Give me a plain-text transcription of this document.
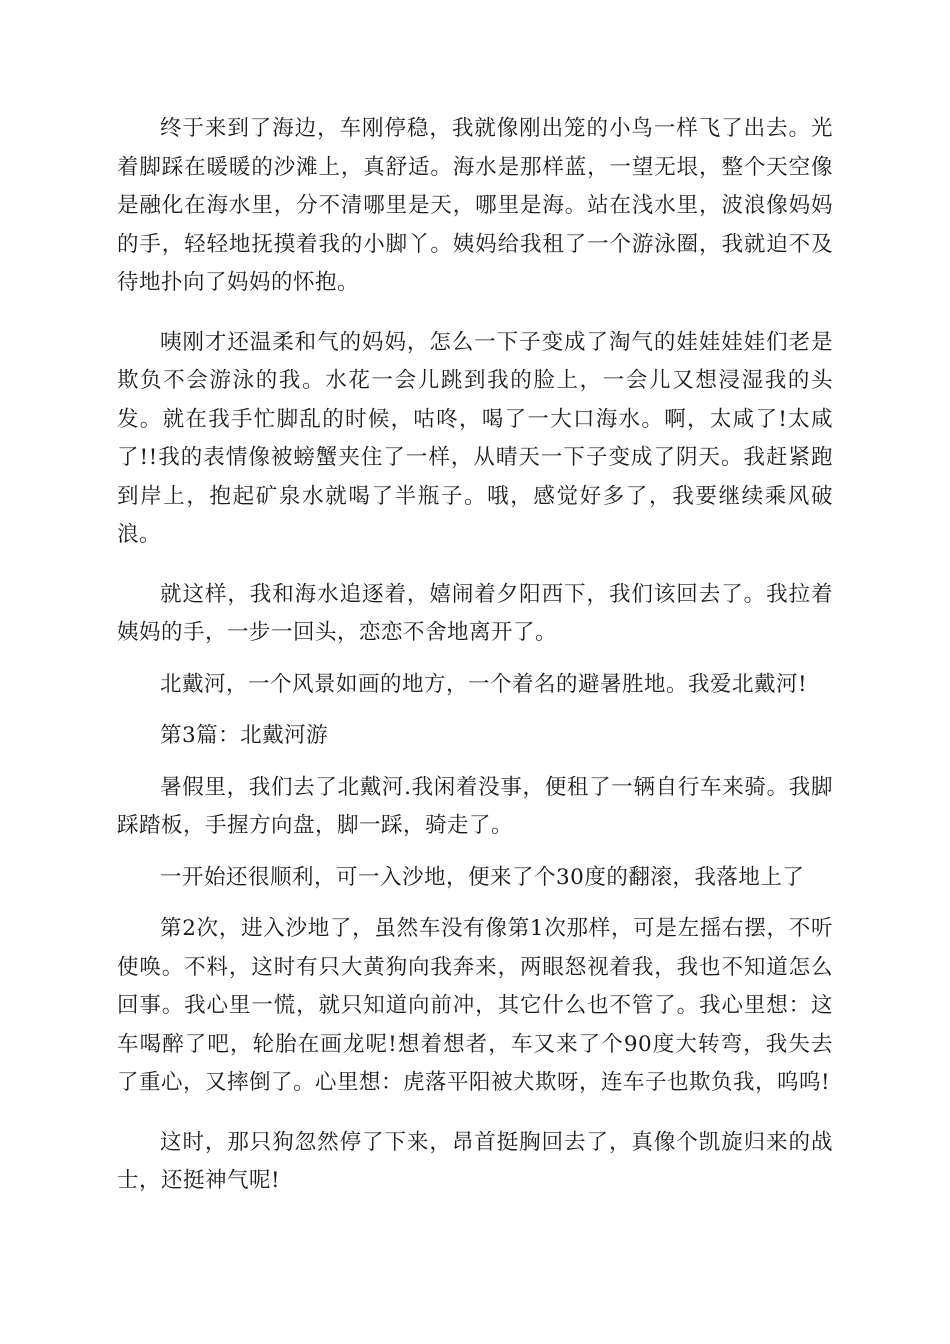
终于来到了海边，车刚停稳，我就像刚出笼的小鸟一样飞了出去。光着脚踩在暖暖的沙滩上，真舒适。海水是那样蓝，一望无垠，整个天空像是融化在海水里，分不清哪里是天，哪里是海。站在浅水里，波浪像妈妈的手，轻轻地抚摸着我的小脚丫。姨妈给我租了一个游泳圈，我就迫不及待地扑向了妈妈的怀抱。

咦刚才还温柔和气的妈妈，怎么一下子变成了淘气的娃娃娃娃们老是欺负不会游泳的我。水花一会儿跳到我的脸上，一会儿又想浸湿我的头发。就在我手忙脚乱的时候，咕咚，喝了一大口海水。啊，太咸了!太咸了!!我的表情像被螃蟹夹住了一样，从晴天一下子变成了阴天。我赶紧跑到岸上，抱起矿泉水就喝了半瓶子。哦，感觉好多了，我要继续乘风破浪。

就这样，我和海水追逐着，嬉闹着夕阳西下，我们该回去了。我拉着姨妈的手，一步一回头，恋恋不舍地离开了。

北戴河，一个风景如画的地方，一个着名的避暑胜地。我爱北戴河!

第3篇：北戴河游

暑假里，我们去了北戴河.我闲着没事，便租了一辆自行车来骑。我脚踩踏板，手握方向盘，脚一踩，骑走了。

一开始还很顺利，可一入沙地，便来了个30度的翻滚，我落地上了

第2次，进入沙地了，虽然车没有像第1次那样，可是左摇右摆，不听使唤。不料，这时有只大黄狗向我奔来，两眼怒视着我，我也不知道怎么回事。我心里一慌，就只知道向前冲，其它什么也不管了。我心里想：这车喝醉了吧，轮胎在画龙呢!想着想者，车又来了个90度大转弯，我失去了重心，又摔倒了。心里想：虎落平阳被犬欺呀，连车子也欺负我，呜呜!

这时，那只狗忽然停了下来，昂首挺胸回去了，真像个凯旋归来的战士，还挺神气呢!
